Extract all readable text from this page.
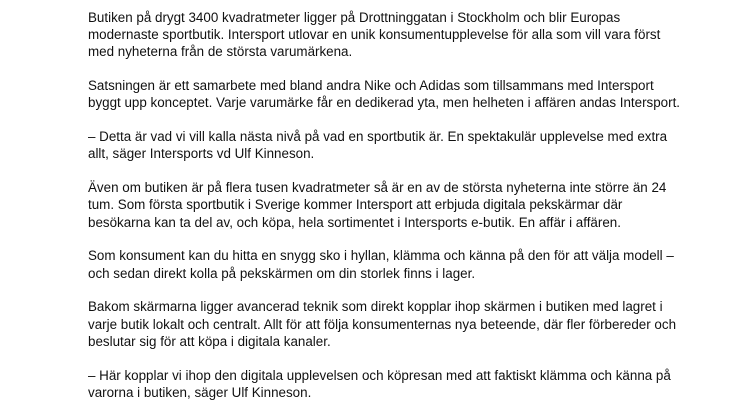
Butiken på drygt 3400 kvadratmeter ligger på Drottninggatan i Stockholm och blir Europas modernaste sportbutik. Intersport utlovar en unik konsumentupplevelse för alla som vill vara först med nyheterna från de största varumärkena.

Satsningen är ett samarbete med bland andra Nike och Adidas som tillsammans med Intersport byggt upp konceptet. Varje varumärke får en dedikerad yta, men helheten i affären andas Intersport.

– Detta är vad vi vill kalla nästa nivå på vad en sportbutik är. En spektakulär upplevelse med extra allt, säger Intersports vd Ulf Kinneson.

Även om butiken är på flera tusen kvadratmeter så är en av de största nyheterna inte större än 24 tum. Som första sportbutik i Sverige kommer Intersport att erbjuda digitala pekskärmar där besökarna kan ta del av, och köpa, hela sortimentet i Intersports e-butik. En affär i affären.

Som konsument kan du hitta en snygg sko i hyllan, klämma och känna på den för att välja modell – och sedan direkt kolla på pekskärmen om din storlek finns i lager.

Bakom skärmarna ligger avancerad teknik som direkt kopplar ihop skärmen i butiken med lagret i varje butik lokalt och centralt. Allt för att följa konsumenternas nya beteende, där fler förbereder och beslutar sig för att köpa i digitala kanaler.

– Här kopplar vi ihop den digitala upplevelsen och köpresan med att faktiskt klämma och känna på varorna i butiken, säger Ulf Kinneson.
